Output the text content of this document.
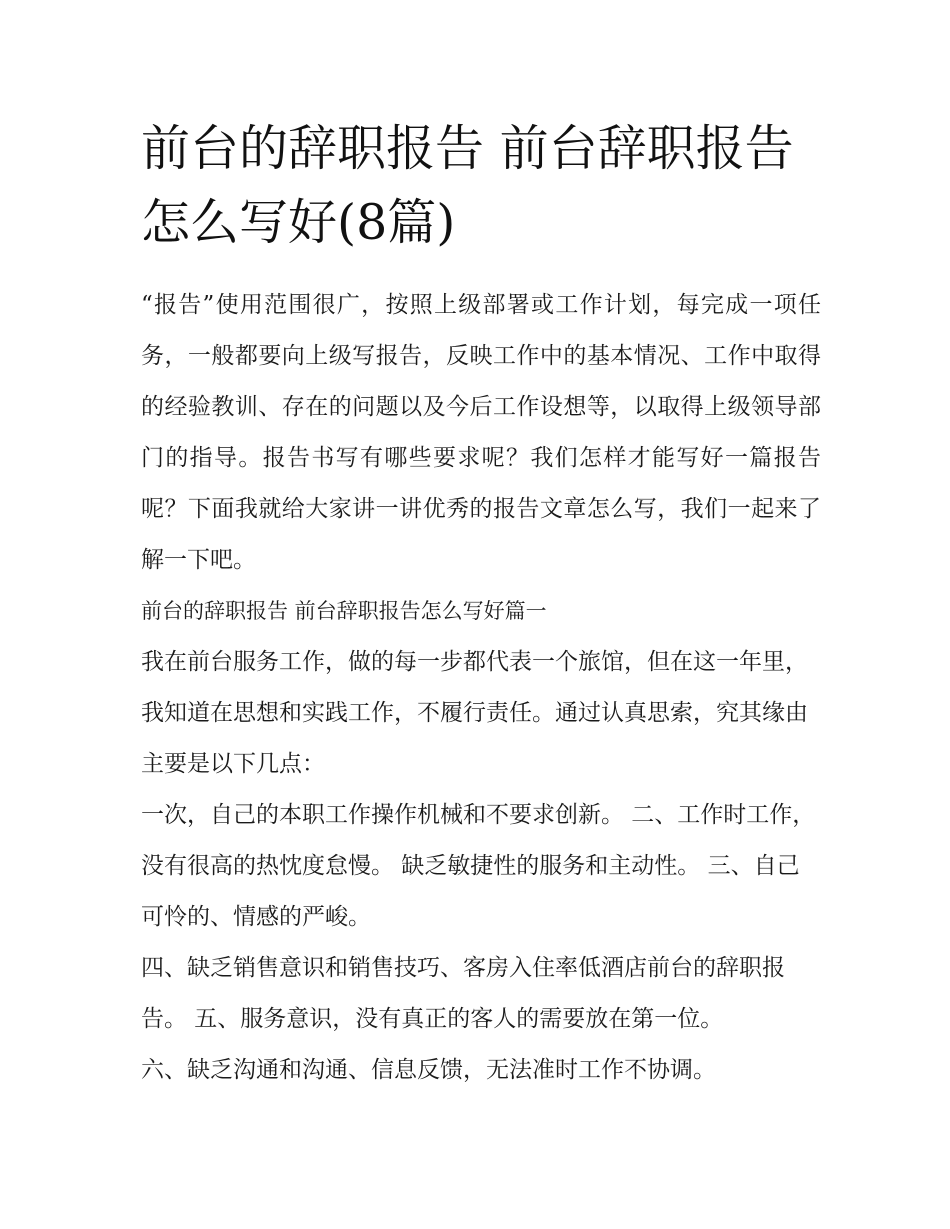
前台的辞职报告 前台辞职报告怎么写好(8篇)

“报告”使用范围很广，按照上级部署或工作计划，每完成一项任务，一般都要向上级写报告，反映工作中的基本情况、工作中取得的经验教训、存在的问题以及今后工作设想等，以取得上级领导部门的指导。报告书写有哪些要求呢？我们怎样才能写好一篇报告呢？下面我就给大家讲一讲优秀的报告文章怎么写，我们一起来了解一下吧。

前台的辞职报告 前台辞职报告怎么写好篇一

我在前台服务工作，做的每一步都代表一个旅馆，但在这一年里，我知道在思想和实践工作，不履行责任。通过认真思索，究其缘由主要是以下几点：

一次，自己的本职工作操作机械和不要求创新。 二、工作时工作，没有很高的热忱度怠慢。 缺乏敏捷性的服务和主动性。 三、自己可怜的、情感的严峻。

四、缺乏销售意识和销售技巧、客房入住率低酒店前台的辞职报告。 五、服务意识，没有真正的客人的需要放在第一位。

六、缺乏沟通和沟通、信息反馈，无法准时工作不协调。
